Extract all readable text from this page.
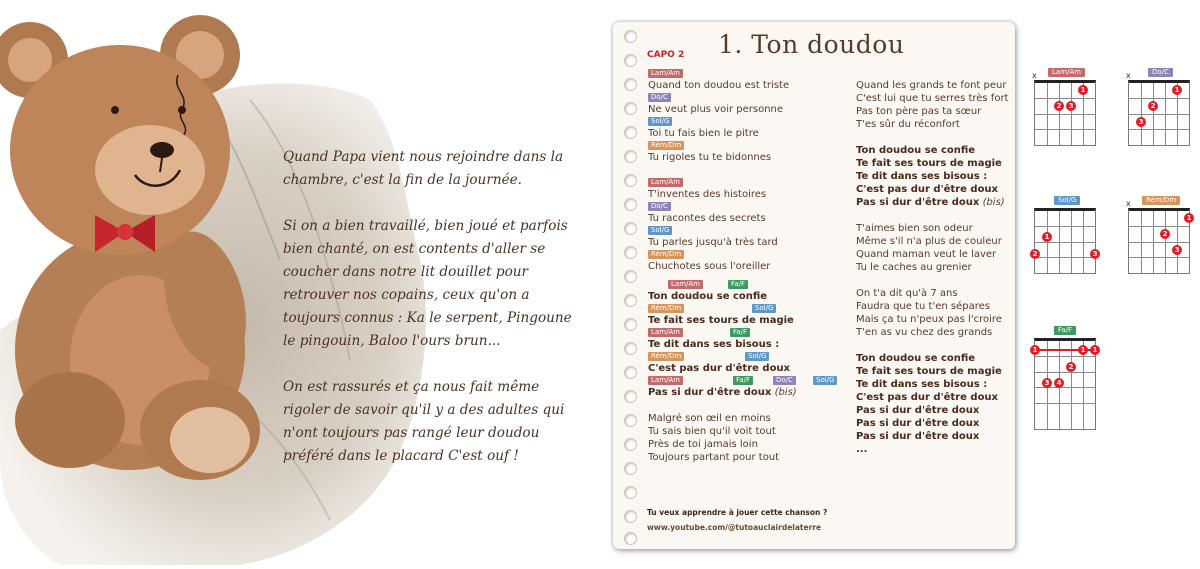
Quand Papa vient nous rejoindre dans la chambre, c'est la fin de la journée.

Si on a bien travaillé, bien joué et parfois bien chanté, on est contents d'aller se coucher dans notre lit douillet pour retrouver nos copains, ceux qu'on a toujours connus : Ka le serpent, Pingoune le pingouin, Baloo l'ours brun...

On est rassurés et ça nous fait même rigoler de savoir qu'il y a des adultes qui n'ont toujours pas rangé leur doudou préféré dans le placard C'est ouf !

1. Ton doudou
CAPO 2
Lam/Am
Quand ton doudou est triste
Do/C
Ne veut plus voir personne
Sol/G
Toi tu fais bien le pitre
Rém/Dm
Tu rigoles tu te bidonnes
Lam/Am
T'inventes des histoires
Do/C
Tu racontes des secrets
Sol/G
Tu parles jusqu'à très tard
Rém/Dm
Chuchotes sous l'oreiller
Lam/Am	Fa/F
Ton doudou se confie
Rém/Dm	Sol/G
Te fait ses tours de magie
Lam/Am	Fa/F
Te dit dans ses bisous :
Rém/Dm	Sol/G
C'est pas dur d'être doux
Lam/Am	Fa/F	Do/C	Sol/G
Pas si dur d'être doux (bis)
Malgré son œil en moins
Tu sais bien qu'il voit tout
Près de toi jamais loin
Toujours partant pour tout
Quand les grands te font peur
C'est lui que tu serres très fort
Pas ton père pas ta sœur
T'es sûr du réconfort
Ton doudou se confie
Te fait ses tours de magie
Te dit dans ses bisous :
C'est pas dur d'être doux
Pas si dur d'être doux (bis)
T'aimes bien son odeur
Même s'il n'a plus de couleur
Quand maman veut le laver
Tu le caches au grenier
On t'a dit qu'à 7 ans
Faudra que tu t'en sépares
Mais ça tu n'peux pas l'croire
T'en as vu chez des grands
Ton doudou se confie
Te fait ses tours de magie
Te dit dans ses bisous :
C'est pas dur d'être doux
Pas si dur d'être doux
Pas si dur d'être doux
Pas si dur d'être doux
...
Tu veux apprendre à jouer cette chanson ?
www.youtube.com/@tutoauclairdelaterre
Lam/Am
x
1
2	3
Do/C
x
1
2
3
Sol/G
1
2	3
Rém/Dm
x
1
2
3
Fa/F
1	1	1
2
3	4
